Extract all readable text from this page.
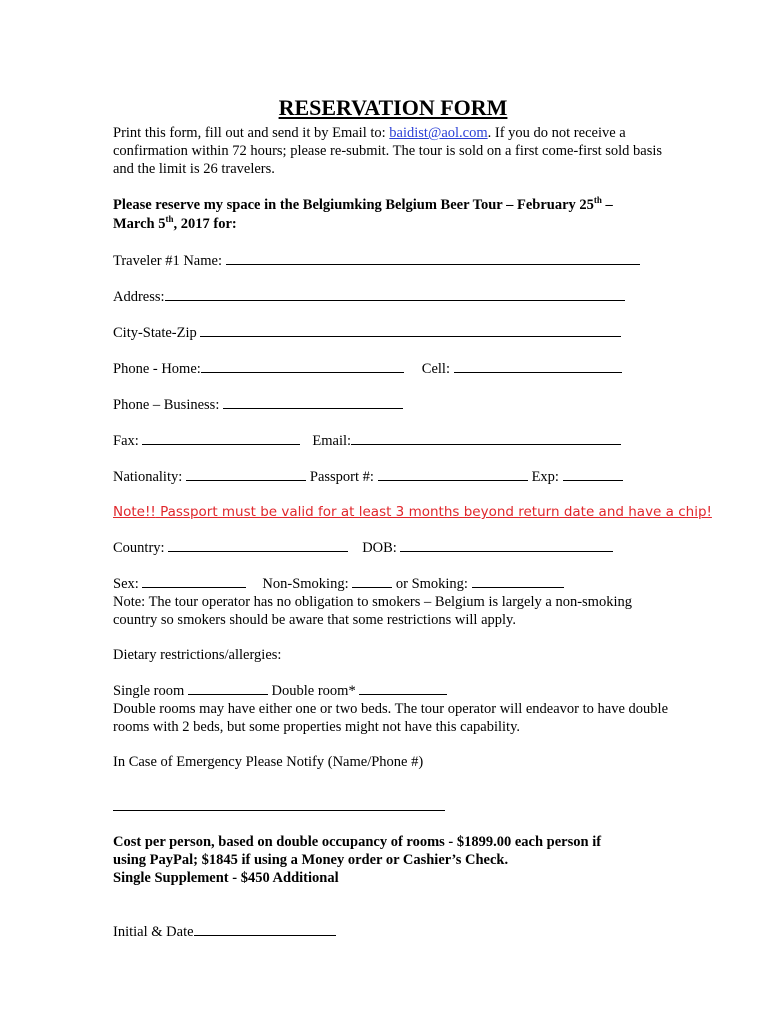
RESERVATION FORM

Print this form, fill out and send it by Email to: baidist@aol.com. If you do not receive a confirmation within 72 hours; please re-submit. The tour is sold on a first come-first sold basis and the limit is 26 travelers.

Please reserve my space in the Belgiumking Belgium Beer Tour – February 25th –
March 5th, 2017 for:
Traveler #1 Name:
Address:
City-State-Zip
Phone - Home:	Cell:
Phone – Business:
Fax:	Email:
Nationality:	Passport #:	Exp:
Note!! Passport must be valid for at least 3 months beyond return date and have a chip!
Country:	DOB:
Sex:	Non-Smoking:	or Smoking:
Note: The tour operator has no obligation to smokers – Belgium is largely a non-smoking country so smokers should be aware that some restrictions will apply.
Dietary restrictions/allergies:
Single room	Double room*
Double rooms may have either one or two beds. The tour operator will endeavor to have double rooms with 2 beds, but some properties might not have this capability.
In Case of Emergency Please Notify (Name/Phone #)
Cost per person, based on double occupancy of rooms - $1899.00 each person if
using PayPal; $1845 if using a Money order or Cashier’s Check.
Single Supplement - $450 Additional
Initial & Date
